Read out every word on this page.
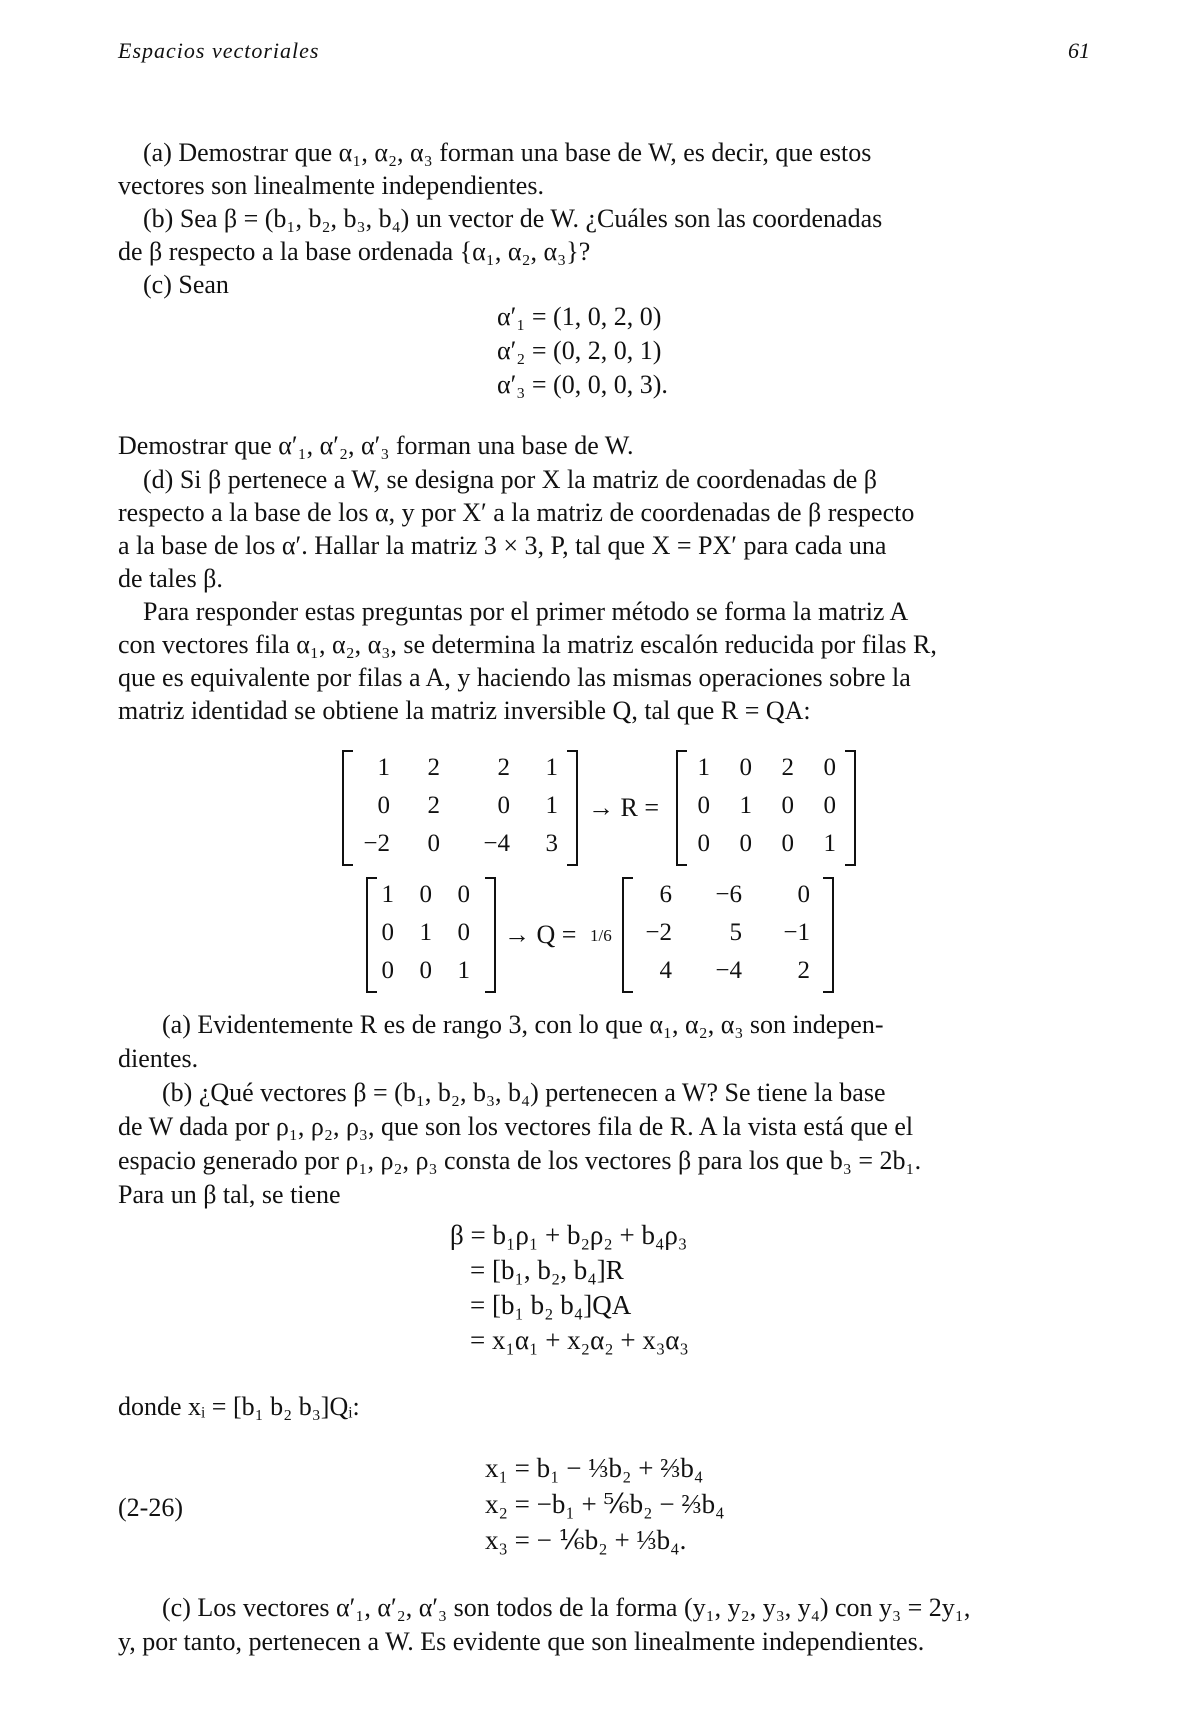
Espacios vectoriales	61
(a) Demostrar que α₁, α₂, α₃ forman una base de W, es decir, que estos
vectores son linealmente independientes.
(b) Sea β = (b₁, b₂, b₃, b₄) un vector de W. ¿Cuáles son las coordenadas
de β respecto a la base ordenada {α₁, α₂, α₃}?
(c) Sean
α′₁ = (1, 0, 2, 0)
α′₂ = (0, 2, 0, 1)
α′₃ = (0, 0, 0, 3).
Demostrar que α′₁, α′₂, α′₃ forman una base de W.
(d) Si β pertenece a W, se designa por X la matriz de coordenadas de β
respecto a la base de los α, y por X′ a la matriz de coordenadas de β respecto
a la base de los α′. Hallar la matriz 3 × 3, P, tal que X = PX′ para cada una
de tales β.
Para responder estas preguntas por el primer método se forma la matriz A
con vectores fila α₁, α₂, α₃, se determina la matriz escalón reducida por filas R,
que es equivalente por filas a A, y haciendo las mismas operaciones sobre la
matriz identidad se obtiene la matriz inversible Q, tal que R = QA:
1	2	2	1
0	2	0	1
−2	0	−4	3
→ R =
1	0	2	0
0	1	0	0
0	0	0	1
1	0	0
0	1	0
0	0	1
→ Q = 1/6
6	−6	0
−2	5	−1
4	−4	2
(a) Evidentemente R es de rango 3, con lo que α₁, α₂, α₃ son indepen-
dientes.
(b) ¿Qué vectores β = (b₁, b₂, b₃, b₄) pertenecen a W? Se tiene la base
de W dada por ρ₁, ρ₂, ρ₃, que son los vectores fila de R. A la vista está que el
espacio generado por ρ₁, ρ₂, ρ₃ consta de los vectores β para los que b₃ = 2b₁.
Para un β tal, se tiene
β = b₁ρ₁ + b₂ρ₂ + b₄ρ₃
= [b₁, b₂, b₄]R
= [b₁ b₂ b₄]QA
= x₁α₁ + x₂α₂ + x₃α₃
donde xᵢ = [b₁ b₂ b₃]Qᵢ:
(2-26)
x₁ = b₁ − ⅓b₂ + ⅔b₄
x₂ = −b₁ + ⅚b₂ − ⅔b₄
x₃ = − ⅙b₂ + ⅓b₄.
(c) Los vectores α′₁, α′₂, α′₃ son todos de la forma (y₁, y₂, y₃, y₄) con y₃ = 2y₁,
y, por tanto, pertenecen a W. Es evidente que son linealmente independientes.
